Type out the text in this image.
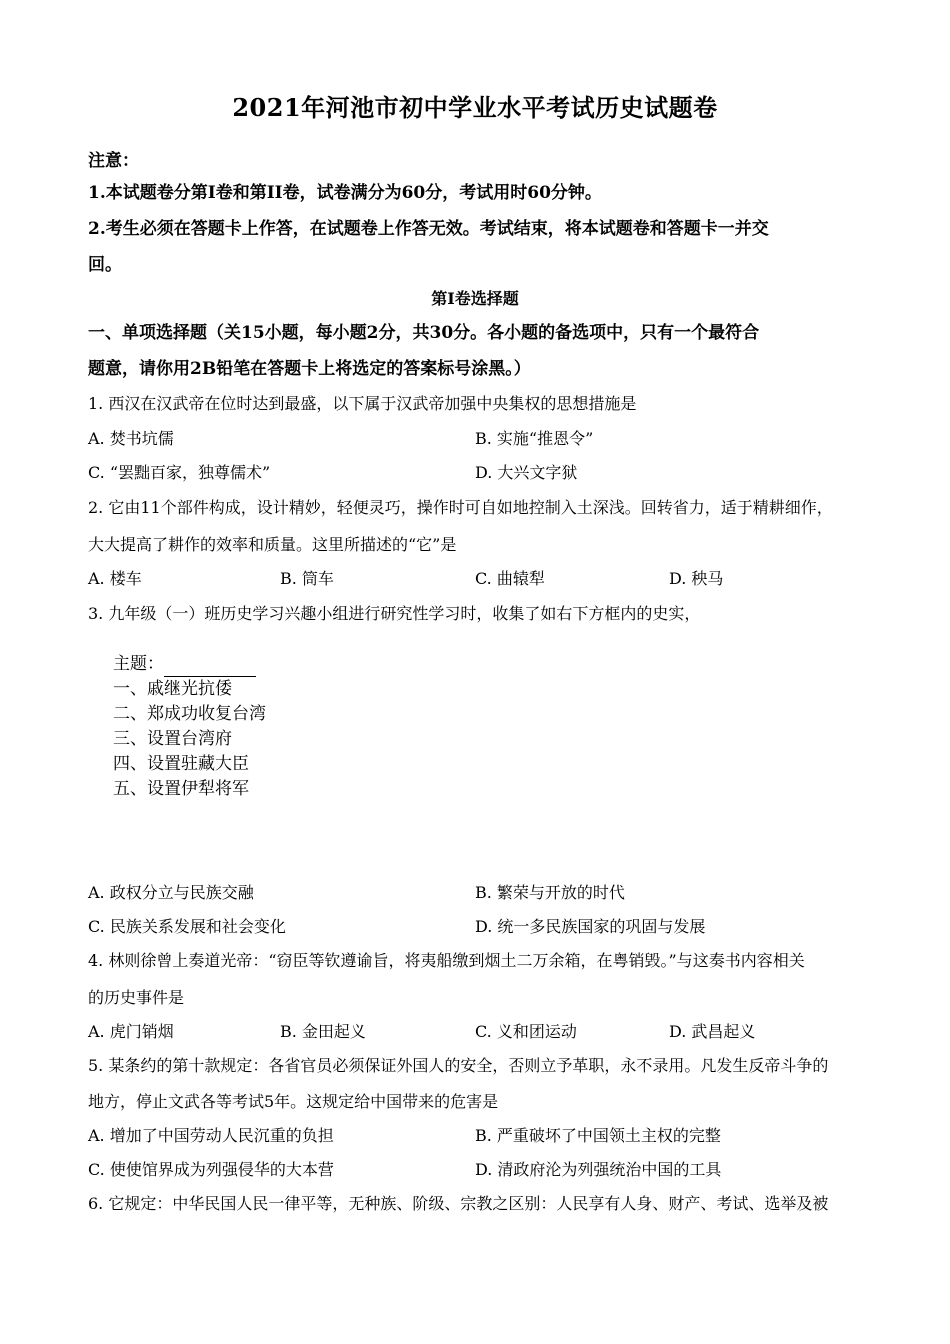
2021年河池市初中学业水平考试历史试题卷
注意：
1.本试题卷分第Ⅰ卷和第II卷，试卷满分为60分，考试用时60分钟。
2.考生必须在答题卡上作答，在试题卷上作答无效。考试结束，将本试题卷和答题卡一并交
回。
第Ⅰ卷选择题
一、单项选择题（关15小题，每小题2分，共30分。各小题的备选项中，只有一个最符合
题意，请你用2B铅笔在答题卡上将选定的答案标号涂黑。）
1. 西汉在汉武帝在位时达到最盛，以下属于汉武帝加强中央集权的思想措施是
A. 焚书坑儒	B. 实施“推恩令”
C. “罢黜百家，独尊儒术”	D. 大兴文字狱
2. 它由11个部件构成，设计精妙，轻便灵巧，操作时可自如地控制入土深浅。回转省力，适于精耕细作，
大大提高了耕作的效率和质量。这里所描述的“它”是
A. 楼车	B. 筒车	C. 曲辕犁	D. 秧马
3. 九年级（一）班历史学习兴趣小组进行研究性学习时，收集了如右下方框内的史实，
主题：
一、戚继光抗倭
二、郑成功收复台湾
三、设置台湾府
四、设置驻藏大臣
五、设置伊犁将军
A. 政权分立与民族交融	B. 繁荣与开放的时代
C. 民族关系发展和社会变化	D. 统一多民族国家的巩固与发展
4. 林则徐曾上奏道光帝：“窃臣等钦遵谕旨，将夷船缴到烟土二万余箱，在粤销毁。”与这奏书内容相关
的历史事件是
A. 虎门销烟	B. 金田起义	C. 义和团运动	D. 武昌起义
5. 某条约的第十款规定：各省官员必须保证外国人的安全，否则立予革职，永不录用。凡发生反帝斗争的
地方，停止文武各等考试5年。这规定给中国带来的危害是
A. 增加了中国劳动人民沉重的负担	B. 严重破坏了中国领土主权的完整
C. 使使馆界成为列强侵华的大本营	D. 清政府沦为列强统治中国的工具
6. 它规定：中华民国人民一律平等，无种族、阶级、宗教之区别：人民享有人身、财产、考试、选举及被
